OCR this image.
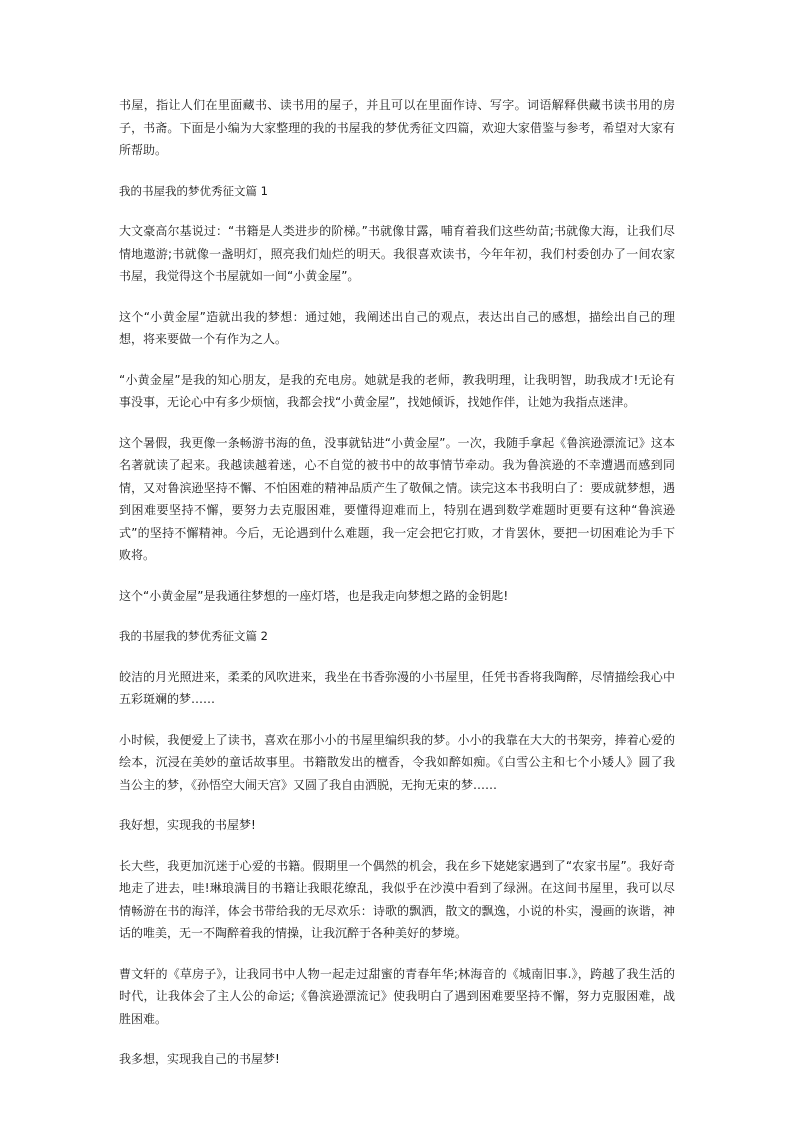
书屋，指让人们在里面藏书、读书用的屋子，并且可以在里面作诗、写字。词语解释供藏书读书用的房子，书斋。下面是小编为大家整理的我的书屋我的梦优秀征文四篇，欢迎大家借鉴与参考，希望对大家有所帮助。

我的书屋我的梦优秀征文篇 1

大文豪高尔基说过：“书籍是人类进步的阶梯。”书就像甘露，哺育着我们这些幼苗;书就像大海，让我们尽情地遨游;书就像一盏明灯，照亮我们灿烂的明天。我很喜欢读书，今年年初，我们村委创办了一间农家书屋，我觉得这个书屋就如一间“小黄金屋”。

这个“小黄金屋”造就出我的梦想：通过她，我阐述出自己的观点，表达出自己的感想，描绘出自己的理想，将来要做一个有作为之人。

“小黄金屋”是我的知心朋友，是我的充电房。她就是我的老师，教我明理，让我明智，助我成才!无论有事没事，无论心中有多少烦恼，我都会找“小黄金屋”，找她倾诉，找她作伴，让她为我指点迷津。

这个暑假，我更像一条畅游书海的鱼，没事就钻进“小黄金屋”。一次，我随手拿起《鲁滨逊漂流记》这本名著就读了起来。我越读越着迷，心不自觉的被书中的故事情节牵动。我为鲁滨逊的不幸遭遇而感到同情，又对鲁滨逊坚持不懈、不怕困难的精神品质产生了敬佩之情。读完这本书我明白了：要成就梦想，遇到困难要坚持不懈，要努力去克服困难，要懂得迎难而上，特别在遇到数学难题时更要有这种“鲁滨逊式”的坚持不懈精神。今后，无论遇到什么难题，我一定会把它打败，才肯罢休，要把一切困难论为手下败将。

这个“小黄金屋”是我通往梦想的一座灯塔，也是我走向梦想之路的金钥匙!

我的书屋我的梦优秀征文篇 2

皎洁的月光照进来，柔柔的风吹进来，我坐在书香弥漫的小书屋里，任凭书香将我陶醉，尽情描绘我心中五彩斑斓的梦……

小时候，我便爱上了读书，喜欢在那小小的书屋里编织我的梦。小小的我靠在大大的书架旁，捧着心爱的绘本，沉浸在美妙的童话故事里。书籍散发出的檀香，令我如醉如痴。《白雪公主和七个小矮人》圆了我当公主的梦，《孙悟空大闹天宫》又圆了我自由洒脱，无拘无束的梦……

我好想，实现我的书屋梦!

长大些，我更加沉迷于心爱的书籍。假期里一个偶然的机会，我在乡下姥姥家遇到了“农家书屋”。我好奇地走了进去，哇!琳琅满目的书籍让我眼花缭乱，我似乎在沙漠中看到了绿洲。在这间书屋里，我可以尽情畅游在书的海洋，体会书带给我的无尽欢乐：诗歌的飘洒，散文的飘逸，小说的朴实，漫画的诙谐，神话的唯美，无一不陶醉着我的情操，让我沉醉于各种美好的梦境。

曹文轩的《草房子》，让我同书中人物一起走过甜蜜的青春年华;林海音的《城南旧事.》，跨越了我生活的时代，让我体会了主人公的命运;《鲁滨逊漂流记》使我明白了遇到困难要坚持不懈，努力克服困难，战胜困难。

我多想，实现我自己的书屋梦!
